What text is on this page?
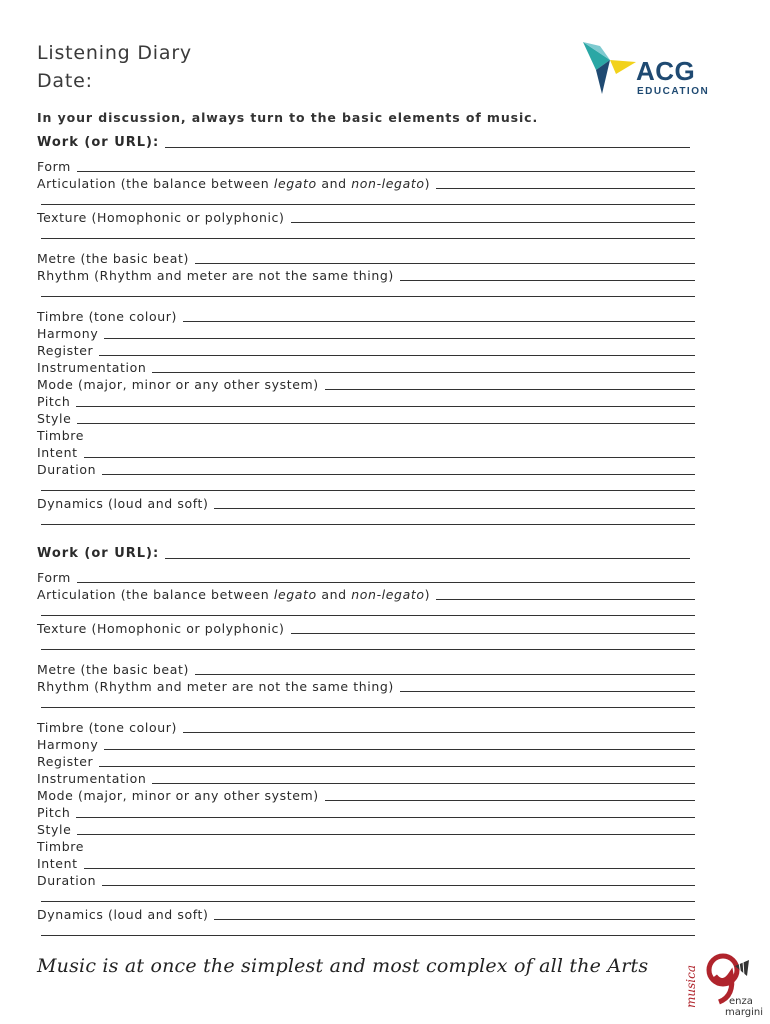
Listening Diary
Date:
In your discussion, always turn to the basic elements of music.
ACG
EDUCATION
Work (or URL):
Form
Articulation (the balance between legato and non-legato)
Texture (Homophonic or polyphonic)
Metre (the basic beat)
Rhythm (Rhythm and meter are not the same thing)
Timbre (tone colour)
Harmony
Register
Instrumentation
Mode (major, minor or any other system)
Pitch
Style
Timbre
Intent
Duration
Dynamics (loud and soft)
Work (or URL):
Form
Articulation (the balance between legato and non-legato)
Texture (Homophonic or polyphonic)
Metre (the basic beat)
Rhythm (Rhythm and meter are not the same thing)
Timbre (tone colour)
Harmony
Register
Instrumentation
Mode (major, minor or any other system)
Pitch
Style
Timbre
Intent
Duration
Dynamics (loud and soft)
Music is at once the simplest and most complex of all the Arts	musica	enza
margini
